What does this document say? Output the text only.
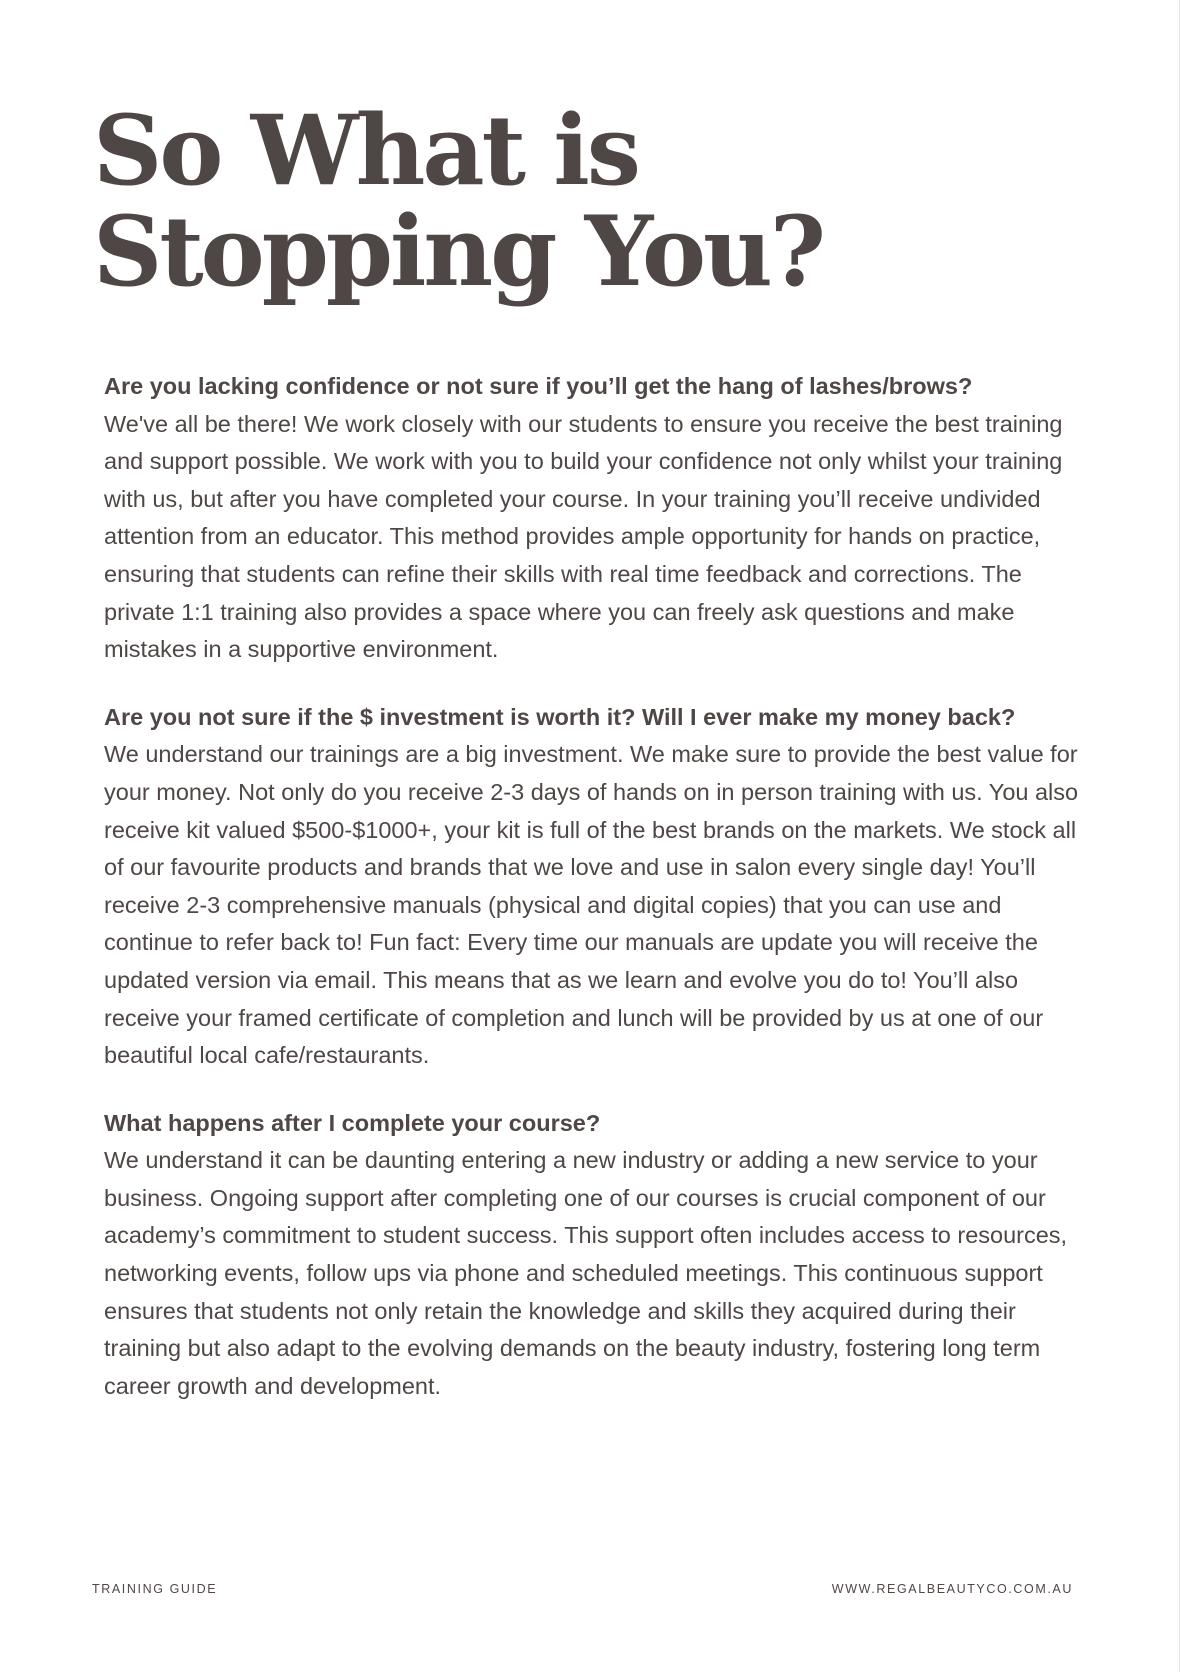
So What is
Stopping You?

Are you lacking confidence or not sure if you’ll get the hang of lashes/brows?

We've all be there! We work closely with our students to ensure you receive the best training and support possible. We work with you to build your confidence not only whilst your training with us, but after you have completed your course. In your training you’ll receive undivided attention from an educator. This method provides ample opportunity for hands on practice, ensuring that students can refine their skills with real time feedback and corrections. The private 1:1 training also provides a space where you can freely ask questions and make mistakes in a supportive environment.

Are you not sure if the $ investment is worth it? Will I ever make my money back?

We understand our trainings are a big investment. We make sure to provide the best value for your money. Not only do you receive 2-3 days of hands on in person training with us. You also receive kit valued $500-$1000+, your kit is full of the best brands on the markets. We stock all of our favourite products and brands that we love and use in salon every single day! You’ll receive 2-3 comprehensive manuals (physical and digital copies) that you can use and continue to refer back to! Fun fact: Every time our manuals are update you will receive the updated version via email. This means that as we learn and evolve you do to! You’ll also receive your framed certificate of completion and lunch will be provided by us at one of our beautiful local cafe/restaurants.

What happens after I complete your course?

We understand it can be daunting entering a new industry or adding a new service to your business. Ongoing support after completing one of our courses is crucial component of our academy’s commitment to student success. This support often includes access to resources, networking events, follow ups via phone and scheduled meetings. This continuous support ensures that students not only retain the knowledge and skills they acquired during their training but also adapt to the evolving demands on the beauty industry, fostering long term career growth and development.

TRAINING GUIDE	WWW.REGALBEAUTYCO.COM.AU
